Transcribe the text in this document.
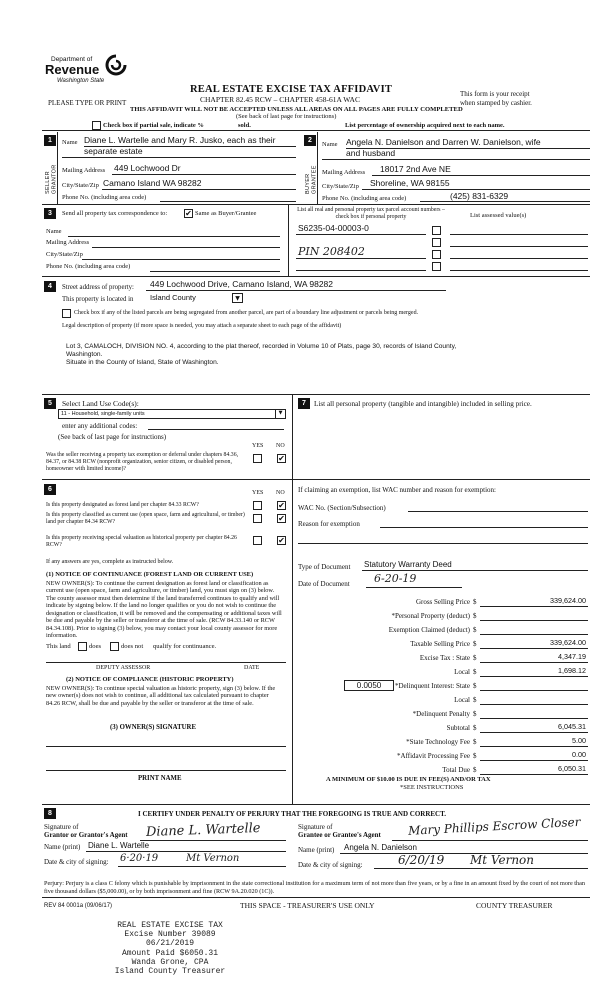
Department of
Revenue
Washington State
REAL ESTATE EXCISE TAX AFFIDAVIT
CHAPTER 82.45 RCW – CHAPTER 458-61A WAC
PLEASE TYPE OR PRINT
THIS AFFIDAVIT WILL NOT BE ACCEPTED UNLESS ALL AREAS ON ALL PAGES ARE FULLY COMPLETED
(See back of last page for instructions)
This form is your receipt
when stamped by cashier.
Check box if partial sale, indicate %	sold.	List percentage of ownership acquired next to each name.
1
SELLER GRANTOR
Name Diane L. Wartelle and Mary R. Jusko, each as their
separate estate
Mailing Address 449 Lochwood Dr
City/State/Zip Camano Island WA 98282
Phone No. (including area code)
2
BUYER GRANTEE
Name Angela N. Danielson and Darren W. Danielson, wife
and husband
Mailing Address 18017 2nd Ave NE
City/State/Zip Shoreline, WA 98155
Phone No. (including area code)	(425) 831-6329
3	Send all property tax correspondence to: ✔ Same as Buyer/Grantee	List all real and personal property tax parcel account numbers – check box if personal property	List assessed value(s)
Name
Mailing Address
City/State/Zip
Phone No. (including area code)
S6235-04-00003-0
PIN 208402
4	Street address of property: 449 Lochwood Drive, Camano Island, WA 98282
This property is located in Island County	▼
Check box if any of the listed parcels are being segregated from another parcel, are part of a boundary line adjustment or parcels being merged.
Legal description of property (if more space is needed, you may attach a separate sheet to each page of the affidavit)
Lot 3, CAMALOCH, DIVISION NO. 4, according to the plat thereof, recorded in Volume 10 of Plats, page 30, records of Island County,
Washington.
Situate in the County of Island, State of Washington.
5	Select Land Use Code(s):
11 - Household, single-family units	▼
enter any additional codes:
(See back of last page for instructions)
YES NO
Was the seller receiving a property tax exemption or deferral under chapters 84.36, 84.37, or 84.38 RCW (nonprofit organization, senior citizen, or disabled person, homeowner with limited income)?
✔
6	YES NO
Is this property designated as forest land per chapter 84.33 RCW?	✔
Is this property classified as current use (open space, farm and agricultural, or timber) land per chapter 84.34 RCW?	✔
Is this property receiving special valuation as historical property per chapter 84.26 RCW?
✔
If any answers are yes, complete as instructed below.
(1) NOTICE OF CONTINUANCE (FOREST LAND OR CURRENT USE)
NEW OWNER(S): To continue the current designation as forest land or classification as current use (open space, farm and agriculture, or timber) land, you must sign on (3) below. The county assessor must then determine if the land transferred continues to qualify and will indicate by signing below. If the land no longer qualifies or you do not wish to continue the designation or classification, it will be removed and the compensating or additional taxes will be due and payable by the seller or transferor at the time of sale. (RCW 84.33.140 or RCW 84.34.108). Prior to signing (3) below, you may contact your local county assessor for more information.
This land	does	does not qualify for continuance.
DEPUTY ASSESSOR	DATE
(2) NOTICE OF COMPLIANCE (HISTORIC PROPERTY)
NEW OWNER(S): To continue special valuation as historic property, sign (3) below. If the new owner(s) does not wish to continue, all additional tax calculated pursuant to chapter 84.26 RCW, shall be due and payable by the seller or transferor at the time of sale.
(3) OWNER(S) SIGNATURE
PRINT NAME
7	List all personal property (tangible and intangible) included in selling price.
If claiming an exemption, list WAC number and reason for exemption:
WAC No. (Section/Subsection)
Reason for exemption
Type of Document Statutory Warranty Deed
Date of Document 6-20-19
Gross Selling Price $	339,624.00
*Personal Property (deduct) $
Exemption Claimed (deduct) $
Taxable Selling Price $	339,624.00
Excise Tax : State $	4,347.19
Local $	1,698.12
*Delinquent Interest: State $
Local $
*Delinquent Penalty $
Subtotal $	6,045.31
*State Technology Fee $	5.00
*Affidavit Processing Fee $	0.00
Total Due $	6,050.31
0.0050
A MINIMUM OF $10.00 IS DUE IN FEE(S) AND/OR TAX
*SEE INSTRUCTIONS
8	I CERTIFY UNDER PENALTY OF PERJURY THAT THE FOREGOING IS TRUE AND CORRECT.
Signature of
Grantor or Grantor's Agent Diane L. Wartelle
Name (print) Diane L. Wartelle
Date & city of signing: 6·20·19	Mt Vernon
Signature of
Grantee or Grantee's Agent Mary Phillips Escrow Closer
Name (print) Angela N. Danielson
Date & city of signing:	6/20/19 Mt Vernon
Perjury: Perjury is a class C felony which is punishable by imprisonment in the state correctional institution for a maximum term of not more than five years, or by a fine in an amount fixed by the court of not more than five thousand dollars ($5,000.00), or by both imprisonment and fine (RCW 9A.20.020 (1C)).
REV 84 0001a (09/06/17)	THIS SPACE - TREASURER'S USE ONLY	COUNTY TREASURER
REAL ESTATE EXCISE TAX
Excise Number 39089
06/21/2019
Amount Paid $6050.31
Wanda Grone, CPA
Island County Treasurer
